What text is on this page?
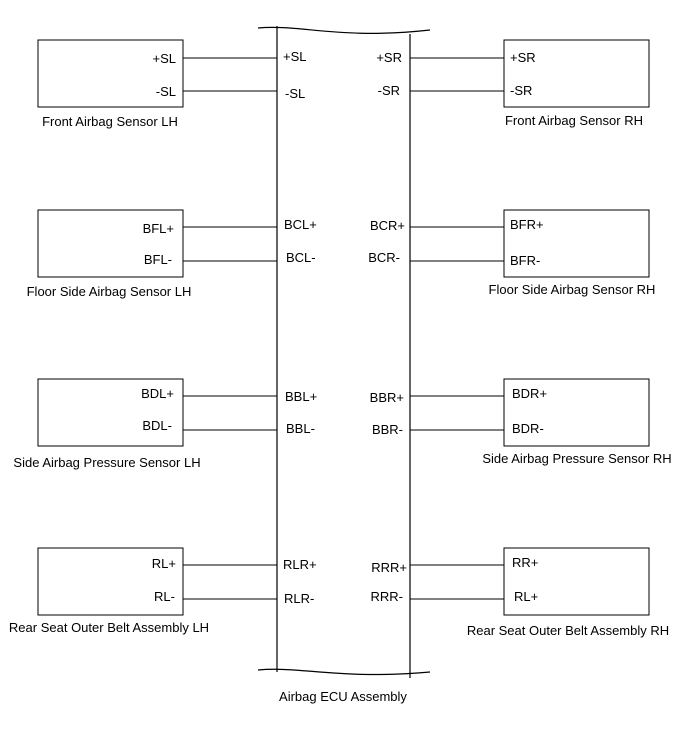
Airbag ECU Assembly
+SL
-SL
+SL
-SL
+SR
-SR
+SR
-SR
Front Airbag Sensor LH	Front Airbag Sensor RH
BFL+
BFL-
BCL+
BCL-
BCR+
BCR-
BFR+
BFR-
Floor Side Airbag Sensor LH	Floor Side Airbag Sensor RH
BDL+
BDL-
BBL+
BBL-
BBR+
BBR-
BDR+
BDR-
Side Airbag Pressure Sensor LH	Side Airbag Pressure Sensor RH
RL+
RL-
RLR+
RLR-
RRR+
RRR-
RR+
RL+
Rear Seat Outer Belt Assembly LH	Rear Seat Outer Belt Assembly RH
